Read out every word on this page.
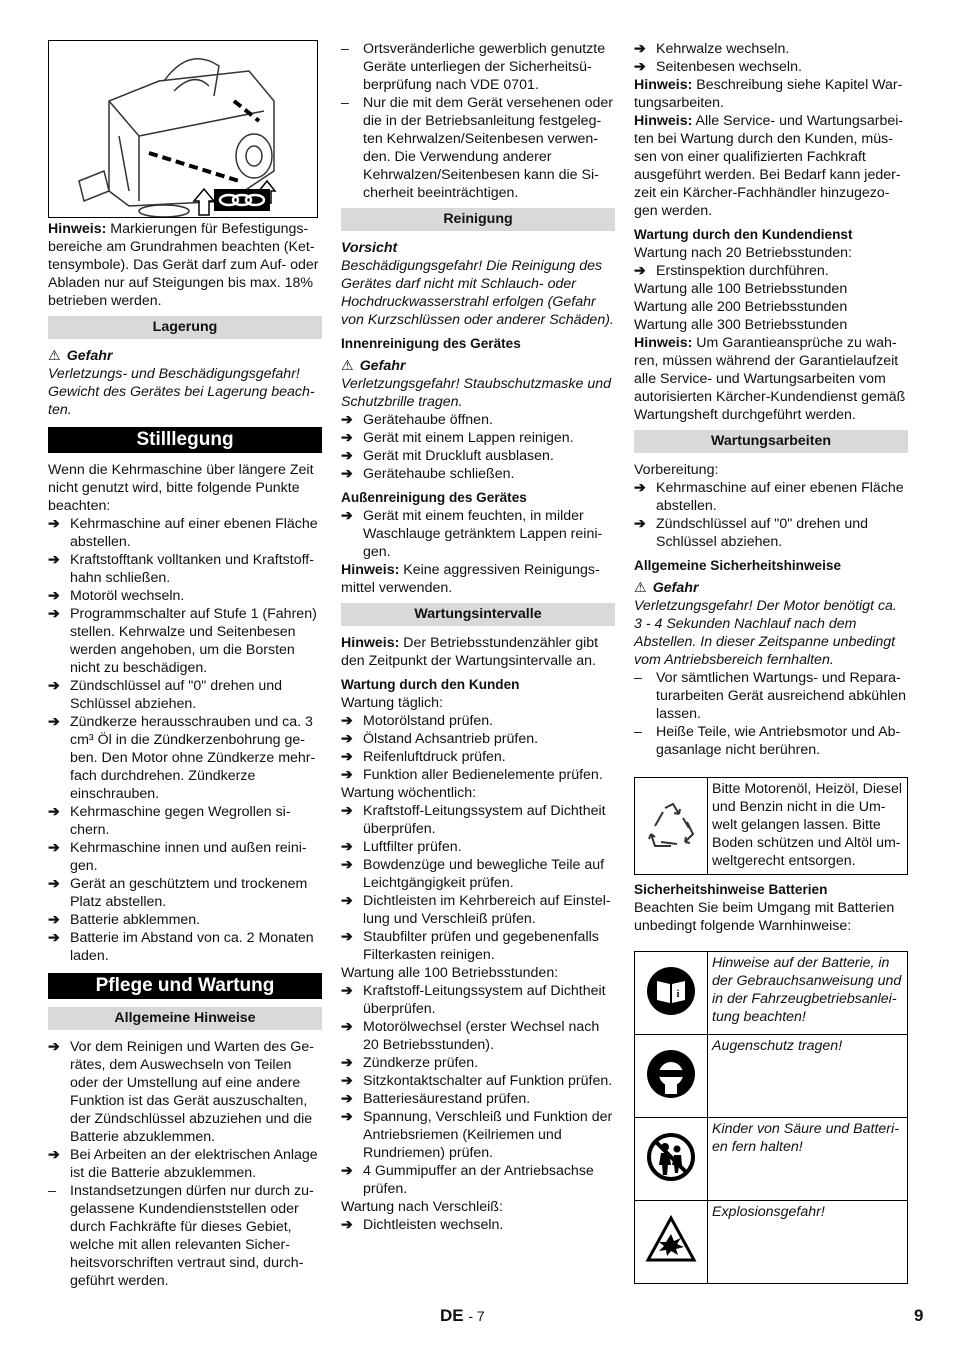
Hinweis: Markierungen für Befestigungsbereiche am Grundrahmen beachten (Kettensymbole). Das Gerät darf zum Auf- oder Abladen nur auf Steigungen bis max. 18% betrieben werden.

Lagerung
⚠ Gefahr

Verletzungs- und Beschädigungsgefahr! Gewicht des Gerätes bei Lagerung beachten.

Stilllegung

Wenn die Kehrmaschine über längere Zeit nicht genutzt wird, bitte folgende Punkte beachten:

➔ Kehrmaschine auf einer ebenen Fläche abstellen.
➔ Kraftstofftank volltanken und Kraftstoffhahn schließen.
➔ Motoröl wechseln.
➔ Programmschalter auf Stufe 1 (Fahren) stellen. Kehrwalze und Seitenbesen werden angehoben, um die Borsten nicht zu beschädigen.
➔ Zündschlüssel auf "0" drehen und Schlüssel abziehen.
➔ Zündkerze herausschrauben und ca. 3 cm³ Öl in die Zündkerzenbohrung geben. Den Motor ohne Zündkerze mehrfach durchdrehen. Zündkerze einschrauben.
➔ Kehrmaschine gegen Wegrollen sichern.
➔ Kehrmaschine innen und außen reinigen.
➔ Gerät an geschütztem und trockenem Platz abstellen.
➔ Batterie abklemmen.
➔ Batterie im Abstand von ca. 2 Monaten laden.
Pflege und Wartung
Allgemeine Hinweise
➔ Vor dem Reinigen und Warten des Gerätes, dem Auswechseln von Teilen oder der Umstellung auf eine andere Funktion ist das Gerät auszuschalten, der Zündschlüssel abzuziehen und die Batterie abzuklemmen.
➔ Bei Arbeiten an der elektrischen Anlage ist die Batterie abzuklemmen.
– Instandsetzungen dürfen nur durch zugelassene Kundendienststellen oder durch Fachkräfte für dieses Gebiet, welche mit allen relevanten Sicherheitsvorschriften vertraut sind, durchgeführt werden.
– Ortsveränderliche gewerblich genutzte Geräte unterliegen der Sicherheitsüberprüfung nach VDE 0701.
– Nur die mit dem Gerät versehenen oder die in der Betriebsanleitung festgelegten Kehrwalzen/Seitenbesen verwenden. Die Verwendung anderer Kehrwalzen/Seitenbesen kann die Sicherheit beeinträchtigen.
Reinigung
Vorsicht

Beschädigungsgefahr! Die Reinigung des Gerätes darf nicht mit Schlauch- oder Hochdruckwasserstrahl erfolgen (Gefahr von Kurzschlüssen oder anderer Schäden).

Innenreinigung des Gerätes
⚠ Gefahr

Verletzungsgefahr! Staubschutzmaske und Schutzbrille tragen.

➔ Gerätehaube öffnen.
➔ Gerät mit einem Lappen reinigen.
➔ Gerät mit Druckluft ausblasen.
➔ Gerätehaube schließen.
Außenreinigung des Gerätes
➔ Gerät mit einem feuchten, in milder Waschlauge getränktem Lappen reinigen.

Hinweis: Keine aggressiven Reinigungsmittel verwenden.

Wartungsintervalle

Hinweis: Der Betriebsstundenzähler gibt den Zeitpunkt der Wartungsintervalle an.

Wartung durch den Kunden

Wartung täglich:

➔ Motorölstand prüfen.
➔ Ölstand Achsantrieb prüfen.
➔ Reifenluftdruck prüfen.
➔ Funktion aller Bedienelemente prüfen.

Wartung wöchentlich:

➔ Kraftstoff-Leitungssystem auf Dichtheit überprüfen.
➔ Luftfilter prüfen.
➔ Bowdenzüge und bewegliche Teile auf Leichtgängigkeit prüfen.
➔ Dichtleisten im Kehrbereich auf Einstellung und Verschleiß prüfen.
➔ Staubfilter prüfen und gegebenenfalls Filterkasten reinigen.

Wartung alle 100 Betriebsstunden:

➔ Kraftstoff-Leitungssystem auf Dichtheit überprüfen.
➔ Motorölwechsel (erster Wechsel nach 20 Betriebsstunden).
➔ Zündkerze prüfen.
➔ Sitzkontaktschalter auf Funktion prüfen.
➔ Batteriesäurestand prüfen.
➔ Spannung, Verschleiß und Funktion der Antriebsriemen (Keilriemen und Rundriemen) prüfen.
➔ 4 Gummipuffer an der Antriebsachse prüfen.

Wartung nach Verschleiß:

➔ Dichtleisten wechseln.
➔ Kehrwalze wechseln.
➔ Seitenbesen wechseln.

Hinweis: Beschreibung siehe Kapitel Wartungsarbeiten.

Hinweis: Alle Service- und Wartungsarbeiten bei Wartung durch den Kunden, müssen von einer qualifizierten Fachkraft ausgeführt werden. Bei Bedarf kann jederzeit ein Kärcher-Fachhändler hinzugezogen werden.

Wartung durch den Kundendienst

Wartung nach 20 Betriebsstunden:

➔ Erstinspektion durchführen.

Wartung alle 100 Betriebsstunden

Wartung alle 200 Betriebsstunden

Wartung alle 300 Betriebsstunden

Hinweis: Um Garantieansprüche zu wahren, müssen während der Garantielaufzeit alle Service- und Wartungsarbeiten vom autorisierten Kärcher-Kundendienst gemäß Wartungsheft durchgeführt werden.

Wartungsarbeiten

Vorbereitung:

➔ Kehrmaschine auf einer ebenen Fläche abstellen.
➔ Zündschlüssel auf "0" drehen und Schlüssel abziehen.
Allgemeine Sicherheitshinweise
⚠ Gefahr

Verletzungsgefahr! Der Motor benötigt ca. 3 - 4 Sekunden Nachlauf nach dem Abstellen. In dieser Zeitspanne unbedingt vom Antriebsbereich fernhalten.

– Vor sämtlichen Wartungs- und Reparaturarbeiten Gerät ausreichend abkühlen lassen.
– Heiße Teile, wie Antriebsmotor und Abgasanlage nicht berühren.
Bitte Motorenöl, Heizöl, Diesel und Benzin nicht in die Umwelt gelangen lassen. Bitte Boden schützen und Altöl umweltgerecht entsorgen.
Sicherheitshinweise Batterien

Beachten Sie beim Umgang mit Batterien unbedingt folgende Warnhinweise:

i	Hinweise auf der Batterie, in der Gebrauchsanweisung und in der Fahrzeugbetriebsanleitung beachten!
	Augenschutz tragen!
	Kinder von Säure und Batterien fern halten!
	Explosionsgefahr!
DE - 7	9
